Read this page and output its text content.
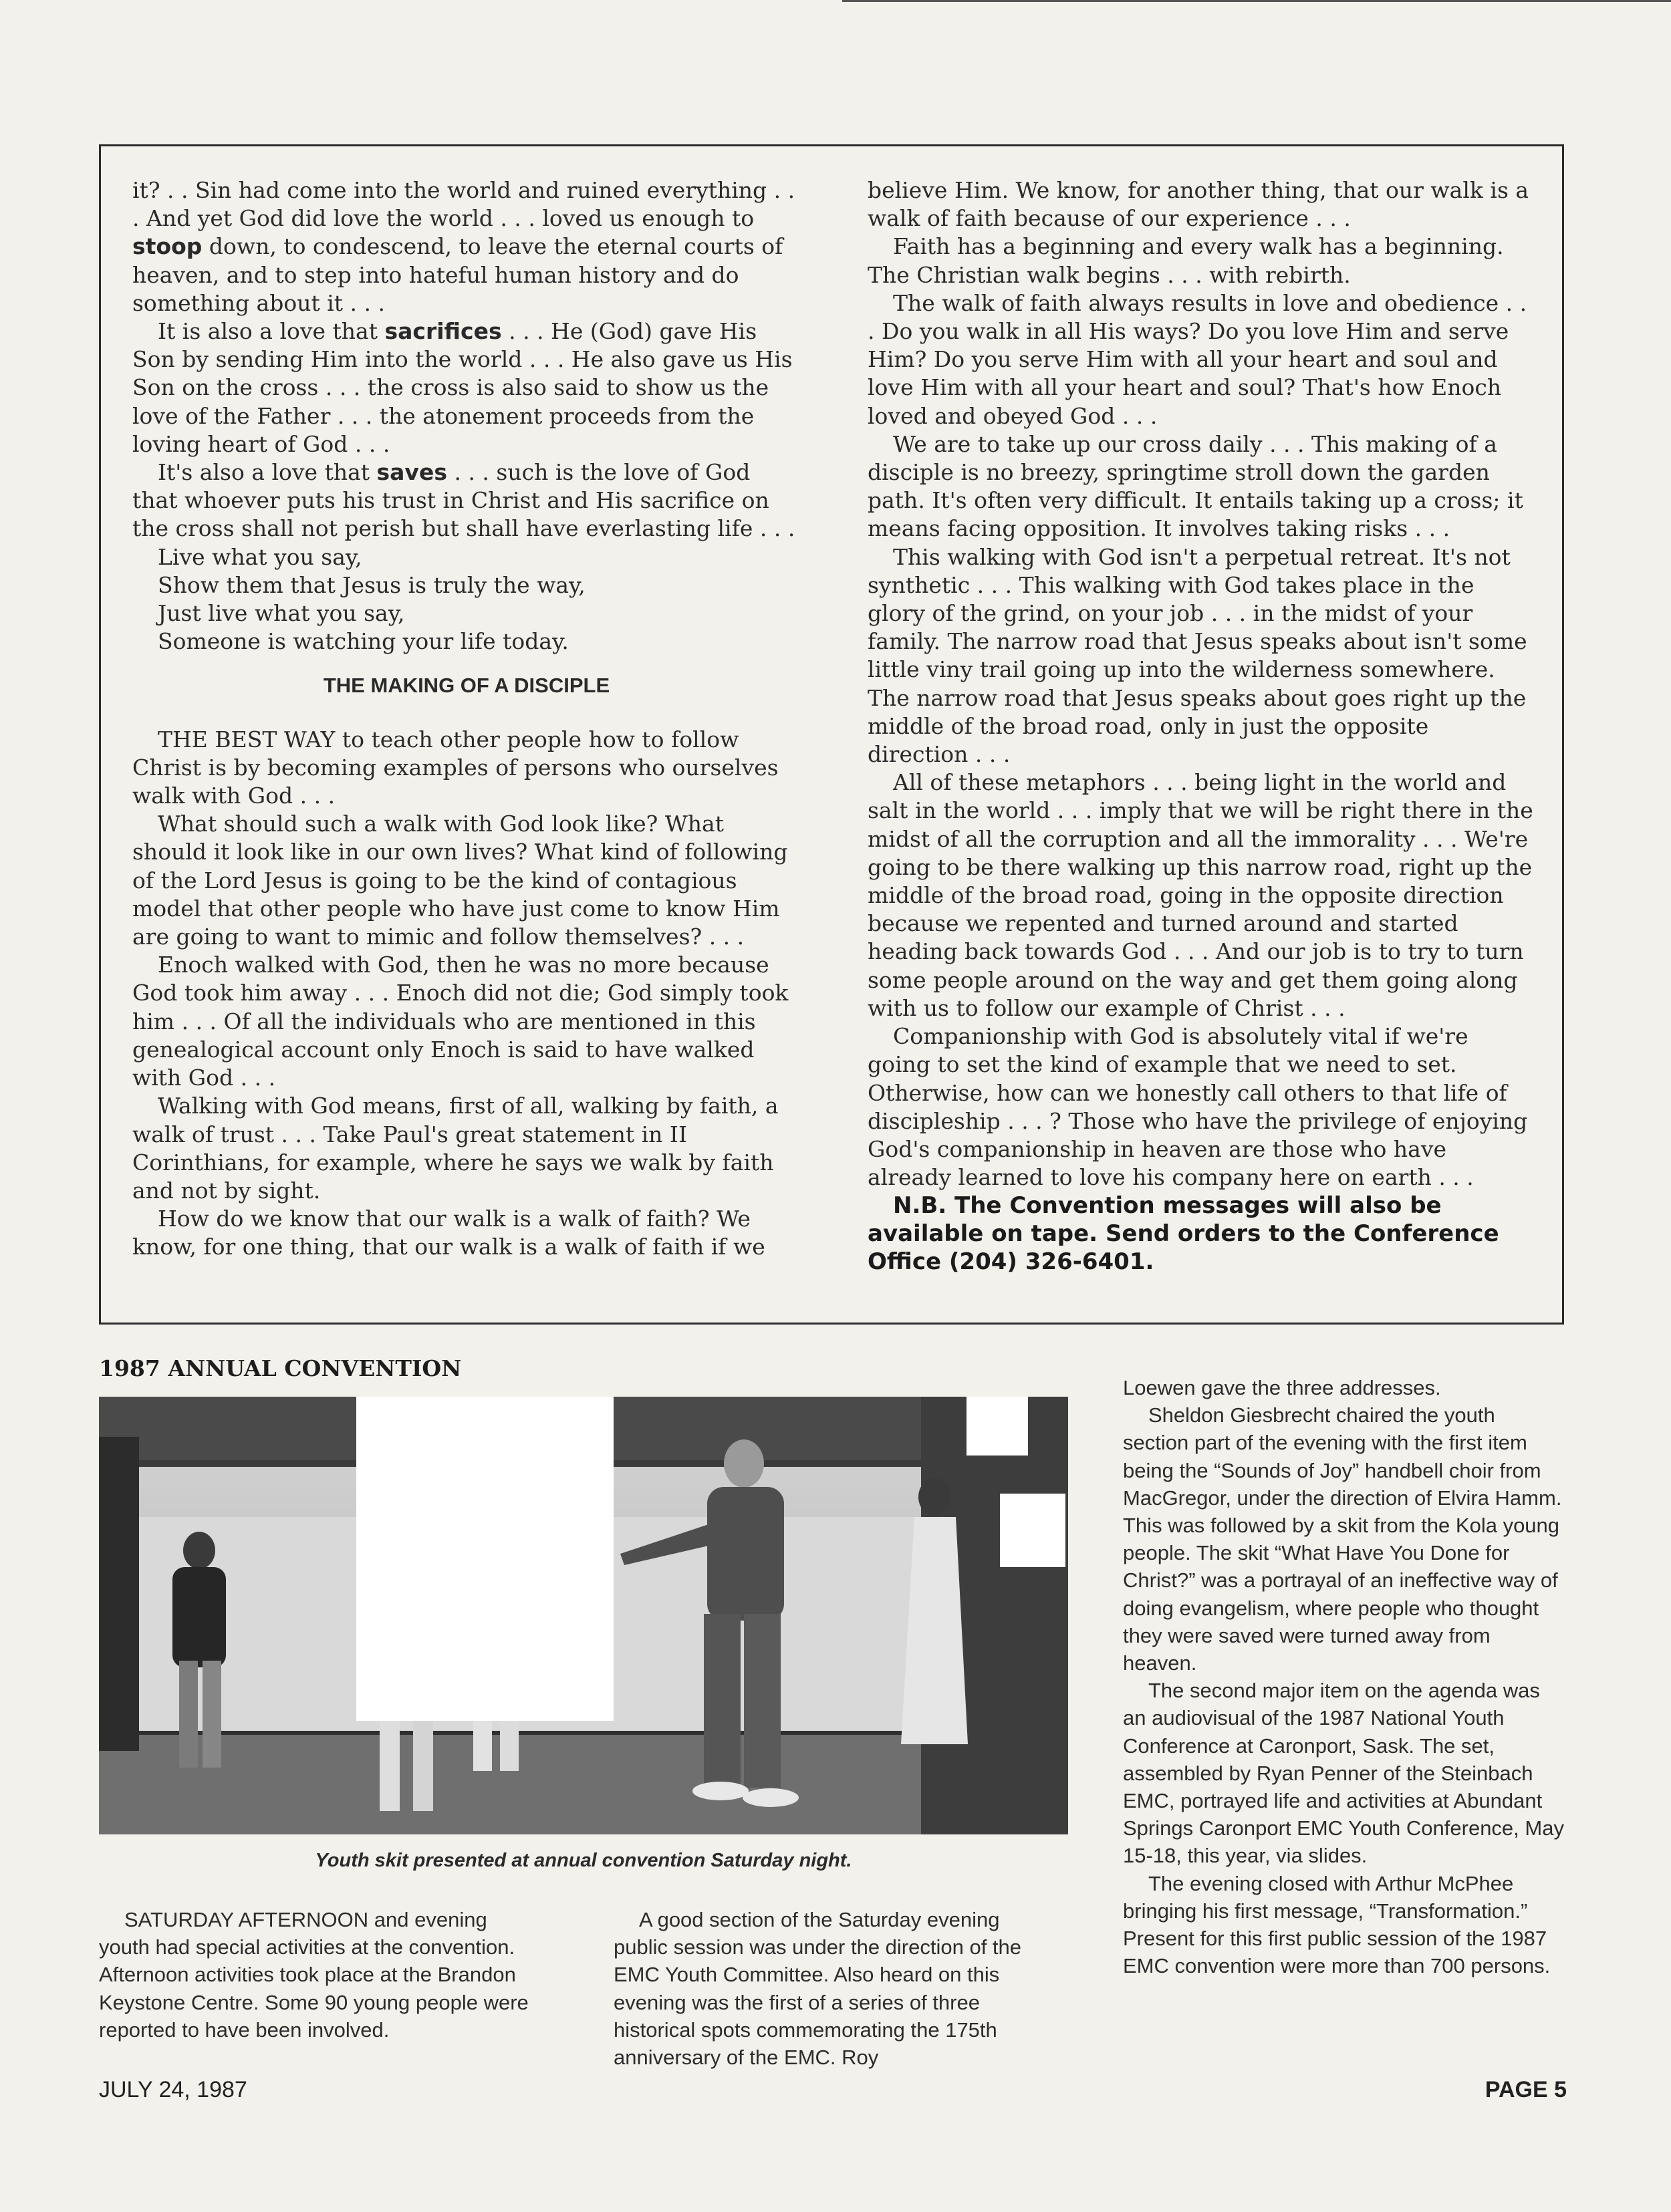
it? . . Sin had come into the world and ruined everything . . . And yet God did love the world . . . loved us enough to stoop down, to condescend, to leave the eternal courts of heaven, and to step into hateful human history and do something about it . . .

It is also a love that sacrifices . . . He (God) gave His Son by sending Him into the world . . . He also gave us His Son on the cross . . . the cross is also said to show us the love of the Father . . . the atonement proceeds from the loving heart of God . . .

It's also a love that saves . . . such is the love of God that whoever puts his trust in Christ and His sacrifice on the cross shall not perish but shall have everlasting life . . .

Live what you say,
Show them that Jesus is truly the way,
Just live what you say,
Someone is watching your life today.
THE MAKING OF A DISCIPLE

THE BEST WAY to teach other people how to follow Christ is by becoming examples of persons who ourselves walk with God . . .

What should such a walk with God look like? What should it look like in our own lives? What kind of following of the Lord Jesus is going to be the kind of contagious model that other people who have just come to know Him are going to want to mimic and follow themselves? . . .

Enoch walked with God, then he was no more because God took him away . . . Enoch did not die; God simply took him . . . Of all the individuals who are mentioned in this genealogical account only Enoch is said to have walked with God . . .

Walking with God means, first of all, walking by faith, a walk of trust . . . Take Paul's great statement in II Corinthians, for example, where he says we walk by faith and not by sight.

How do we know that our walk is a walk of faith? We know, for one thing, that our walk is a walk of faith if we

believe Him. We know, for another thing, that our walk is a walk of faith because of our experience . . .

Faith has a beginning and every walk has a beginning. The Christian walk begins . . . with rebirth.

The walk of faith always results in love and obedience . . . Do you walk in all His ways? Do you love Him and serve Him? Do you serve Him with all your heart and soul and love Him with all your heart and soul? That's how Enoch loved and obeyed God . . .

We are to take up our cross daily . . . This making of a disciple is no breezy, springtime stroll down the garden path. It's often very difficult. It entails taking up a cross; it means facing opposition. It involves taking risks . . .

This walking with God isn't a perpetual retreat. It's not synthetic . . . This walking with God takes place in the glory of the grind, on your job . . . in the midst of your family. The narrow road that Jesus speaks about isn't some little viny trail going up into the wilderness somewhere. The narrow road that Jesus speaks about goes right up the middle of the broad road, only in just the opposite direction . . .

All of these metaphors . . . being light in the world and salt in the world . . . imply that we will be right there in the midst of all the corruption and all the immorality . . . We're going to be there walking up this narrow road, right up the middle of the broad road, going in the opposite direction because we repented and turned around and started heading back towards God . . . And our job is to try to turn some people around on the way and get them going along with us to follow our example of Christ . . .

Companionship with God is absolutely vital if we're going to set the kind of example that we need to set. Otherwise, how can we honestly call others to that life of discipleship . . . ? Those who have the privilege of enjoying God's companionship in heaven are those who have already learned to love his company here on earth . . .

N.B. The Convention messages will also be available on tape. Send orders to the Conference Office (204) 326-6401.

1987 ANNUAL CONVENTION
Youth skit presented at annual convention Saturday night.

SATURDAY AFTERNOON and evening youth had special activities at the convention. Afternoon activities took place at the Brandon Keystone Centre. Some 90 young people were reported to have been involved.

A good section of the Saturday evening public session was under the direction of the EMC Youth Committee. Also heard on this evening was the first of a series of three historical spots commemorating the 175th anniversary of the EMC. Roy

Loewen gave the three addresses.

Sheldon Giesbrecht chaired the youth section part of the evening with the first item being the “Sounds of Joy” handbell choir from MacGregor, under the direction of Elvira Hamm. This was followed by a skit from the Kola young people. The skit “What Have You Done for Christ?” was a portrayal of an ineffective way of doing evangelism, where people who thought they were saved were turned away from heaven.

The second major item on the agenda was an audiovisual of the 1987 National Youth Conference at Caronport, Sask. The set, assembled by Ryan Penner of the Steinbach EMC, portrayed life and activities at Abundant Springs Caronport EMC Youth Conference, May 15-18, this year, via slides.

The evening closed with Arthur McPhee bringing his first message, “Transformation.” Present for this first public session of the 1987 EMC convention were more than 700 persons.

JULY 24, 1987	PAGE 5
